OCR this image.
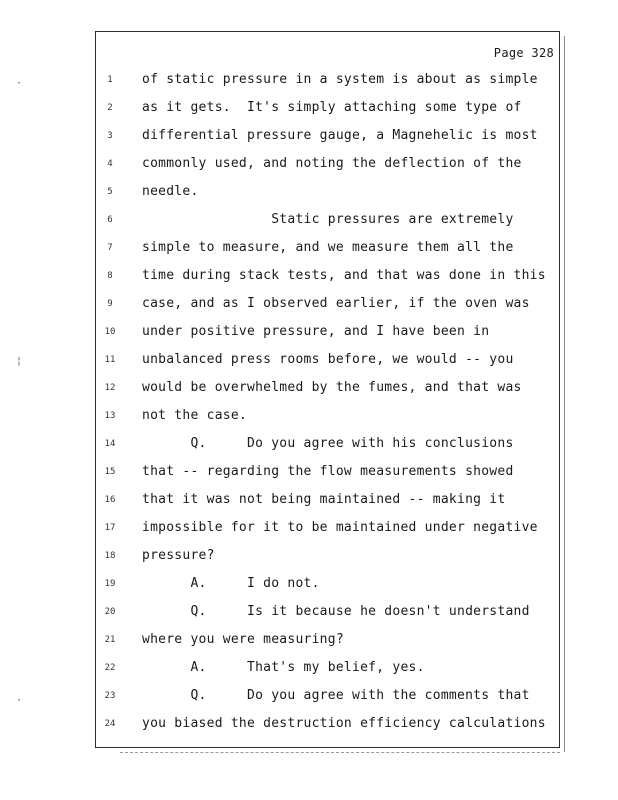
·
¦
·
Page 328
1	of static pressure in a system is about as simple
2	as it gets.  It's simply attaching some type of
3	differential pressure gauge, a Magnehelic is most
4	commonly used, and noting the deflection of the
5	needle.
6	Static pressures are extremely
7	simple to measure, and we measure them all the
8	time during stack tests, and that was done in this
9	case, and as I observed earlier, if the oven was
10	under positive pressure, and I have been in
11	unbalanced press rooms before, we would -- you
12	would be overwhelmed by the fumes, and that was
13	not the case.
14	Q.     Do you agree with his conclusions
15	that -- regarding the flow measurements showed
16	that it was not being maintained -- making it
17	impossible for it to be maintained under negative
18	pressure?
19	A.     I do not.
20	Q.     Is it because he doesn't understand
21	where you were measuring?
22	A.     That's my belief, yes.
23	Q.     Do you agree with the comments that
24	you biased the destruction efficiency calculations
